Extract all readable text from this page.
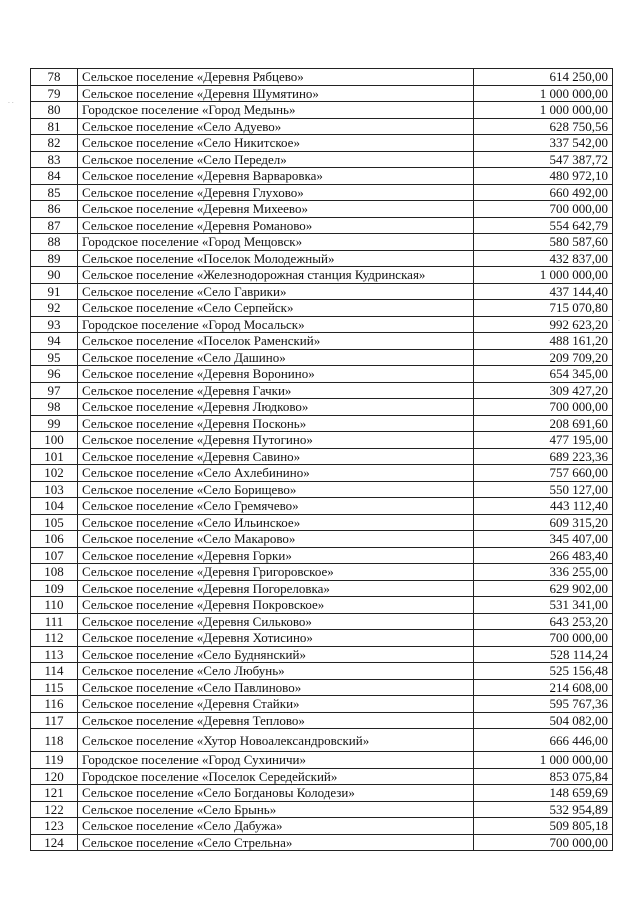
· ·
·
78	Сельское поселение «Деревня Рябцево»	614 250,00
79	Сельское поселение «Деревня Шумятино»	1 000 000,00
80	Городское поселение «Город Медынь»	1 000 000,00
81	Сельское поселение «Село Адуево»	628 750,56
82	Сельское поселение «Село Никитское»	337 542,00
83	Сельское поселение «Село Передел»	547 387,72
84	Сельское поселение «Деревня Варваровка»	480 972,10
85	Сельское поселение «Деревня Глухово»	660 492,00
86	Сельское поселение «Деревня Михеево»	700 000,00
87	Сельское поселение «Деревня Романово»	554 642,79
88	Городское поселение «Город Мещовск»	580 587,60
89	Сельское поселение «Поселок Молодежный»	432 837,00
90	Сельское поселение «Железнодорожная станция Кудринская»	1 000 000,00
91	Сельское поселение «Село Гаврики»	437 144,40
92	Сельское поселение «Село Серпейск»	715 070,80
93	Городское поселение «Город Мосальск»	992 623,20
94	Сельское поселение «Поселок Раменский»	488 161,20
95	Сельское поселение «Село Дашино»	209 709,20
96	Сельское поселение «Деревня Воронино»	654 345,00
97	Сельское поселение «Деревня Гачки»	309 427,20
98	Сельское поселение «Деревня Людково»	700 000,00
99	Сельское поселение «Деревня Посконь»	208 691,60
100	Сельское поселение «Деревня Путогино»	477 195,00
101	Сельское поселение «Деревня Савино»	689 223,36
102	Сельское поселение «Село Ахлебинино»	757 660,00
103	Сельское поселение «Село Борищево»	550 127,00
104	Сельское поселение «Село Гремячево»	443 112,40
105	Сельское поселение «Село Ильинское»	609 315,20
106	Сельское поселение «Село Макарово»	345 407,00
107	Сельское поселение «Деревня Горки»	266 483,40
108	Сельское поселение «Деревня Григоровское»	336 255,00
109	Сельское поселение «Деревня Погореловка»	629 902,00
110	Сельское поселение «Деревня Покровское»	531 341,00
111	Сельское поселение «Деревня Сильково»	643 253,20
112	Сельское поселение «Деревня Хотисино»	700 000,00
113	Сельское поселение «Село Буднянский»	528 114,24
114	Сельское поселение «Село Любунь»	525 156,48
115	Сельское поселение «Село Павлиново»	214 608,00
116	Сельское поселение «Деревня Стайки»	595 767,36
117	Сельское поселение «Деревня Теплово»	504 082,00
118	Сельское поселение «Хутор Новоалександровский»	666 446,00
119	Городское поселение «Город Сухиничи»	1 000 000,00
120	Городское поселение «Поселок Середейский»	853 075,84
121	Сельское поселение «Село Богдановы Колодези»	148 659,69
122	Сельское поселение «Село Брынь»	532 954,89
123	Сельское поселение «Село Дабужа»	509 805,18
124	Сельское поселение «Село Стрельна»	700 000,00
